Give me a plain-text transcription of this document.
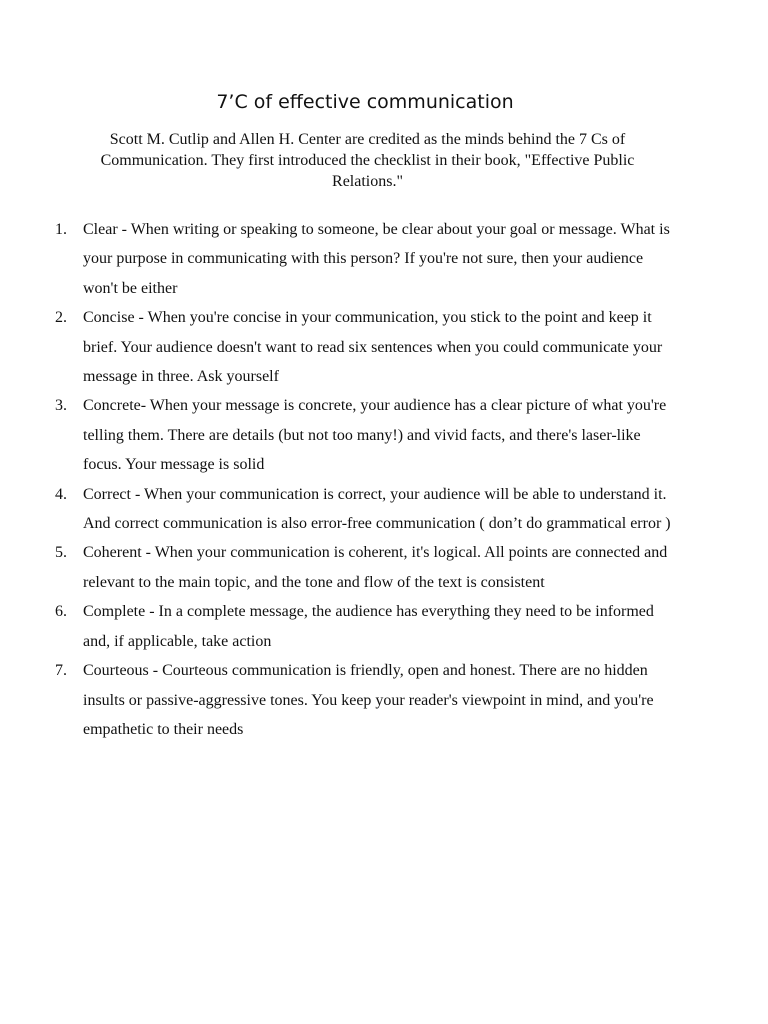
7’C of effective communication
Scott M. Cutlip and Allen H. Center are credited as the minds behind the 7 Cs of Communication. They first introduced the checklist in their book, "Effective Public Relations."
1. Clear - When writing or speaking to someone, be clear about your goal or message. What is your purpose in communicating with this person? If you're not sure, then your audience won't be either
2. Concise - When you're concise in your communication, you stick to the point and keep it brief. Your audience doesn't want to read six sentences when you could communicate your message in three. Ask yourself
3. Concrete- When your message is concrete, your audience has a clear picture of what you're telling them. There are details (but not too many!) and vivid facts, and there's laser-like focus. Your message is solid
4. Correct - When your communication is correct, your audience will be able to understand it. And correct communication is also error-free communication ( don’t do grammatical error )
5. Coherent - When your communication is coherent, it's logical. All points are connected and relevant to the main topic, and the tone and flow of the text is consistent
6. Complete - In a complete message, the audience has everything they need to be informed and, if applicable, take action
7. Courteous - Courteous communication is friendly, open and honest. There are no hidden insults or passive-aggressive tones. You keep your reader's viewpoint in mind, and you're empathetic to their needs
